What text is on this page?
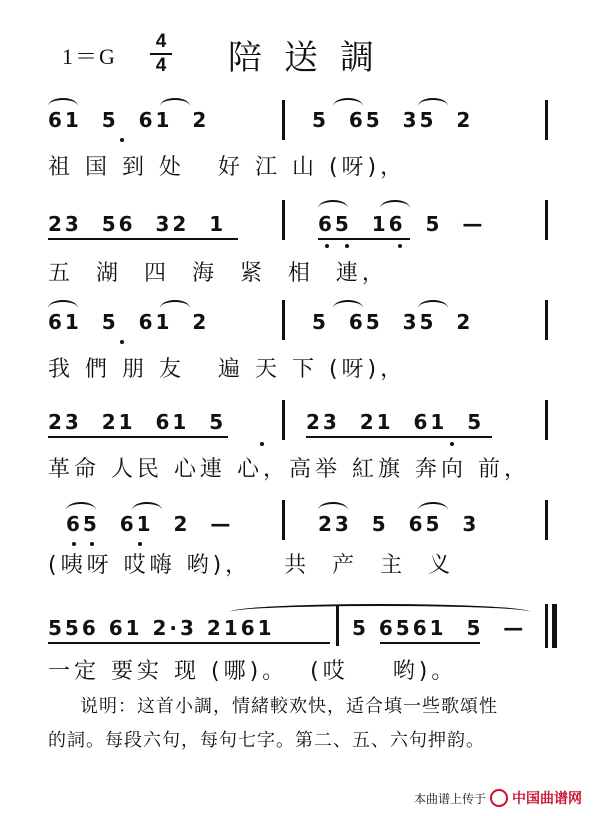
1＝G
4
4 陪送調
61  5  61  2	5  65  35  2
祖 国 到 处   好 江 山 (呀)，
23  56  32  1	65  16  5  —
五  湖  四  海  紧  相  連，
61  5  61  2	5  65  35  2
我 們 朋 友   遍 天 下 (呀)，
23  21  61  5	23  21  61  5
革命 人民 心連 心，高举 紅旗 奔向 前，
65  61  2  —	23  5  65  3
(咦呀 哎嗨 哟)，   共  产  主  义
556 61 2·3 2161	5 6561  5  —
一定 要实 现 (哪)。  (哎    哟)。
说明：这首小調，情緒較欢快，适合填一些歌頌性
的詞。每段六句，每句七字。第二、五、六句押韵。
本曲谱上传于 中国曲谱网
